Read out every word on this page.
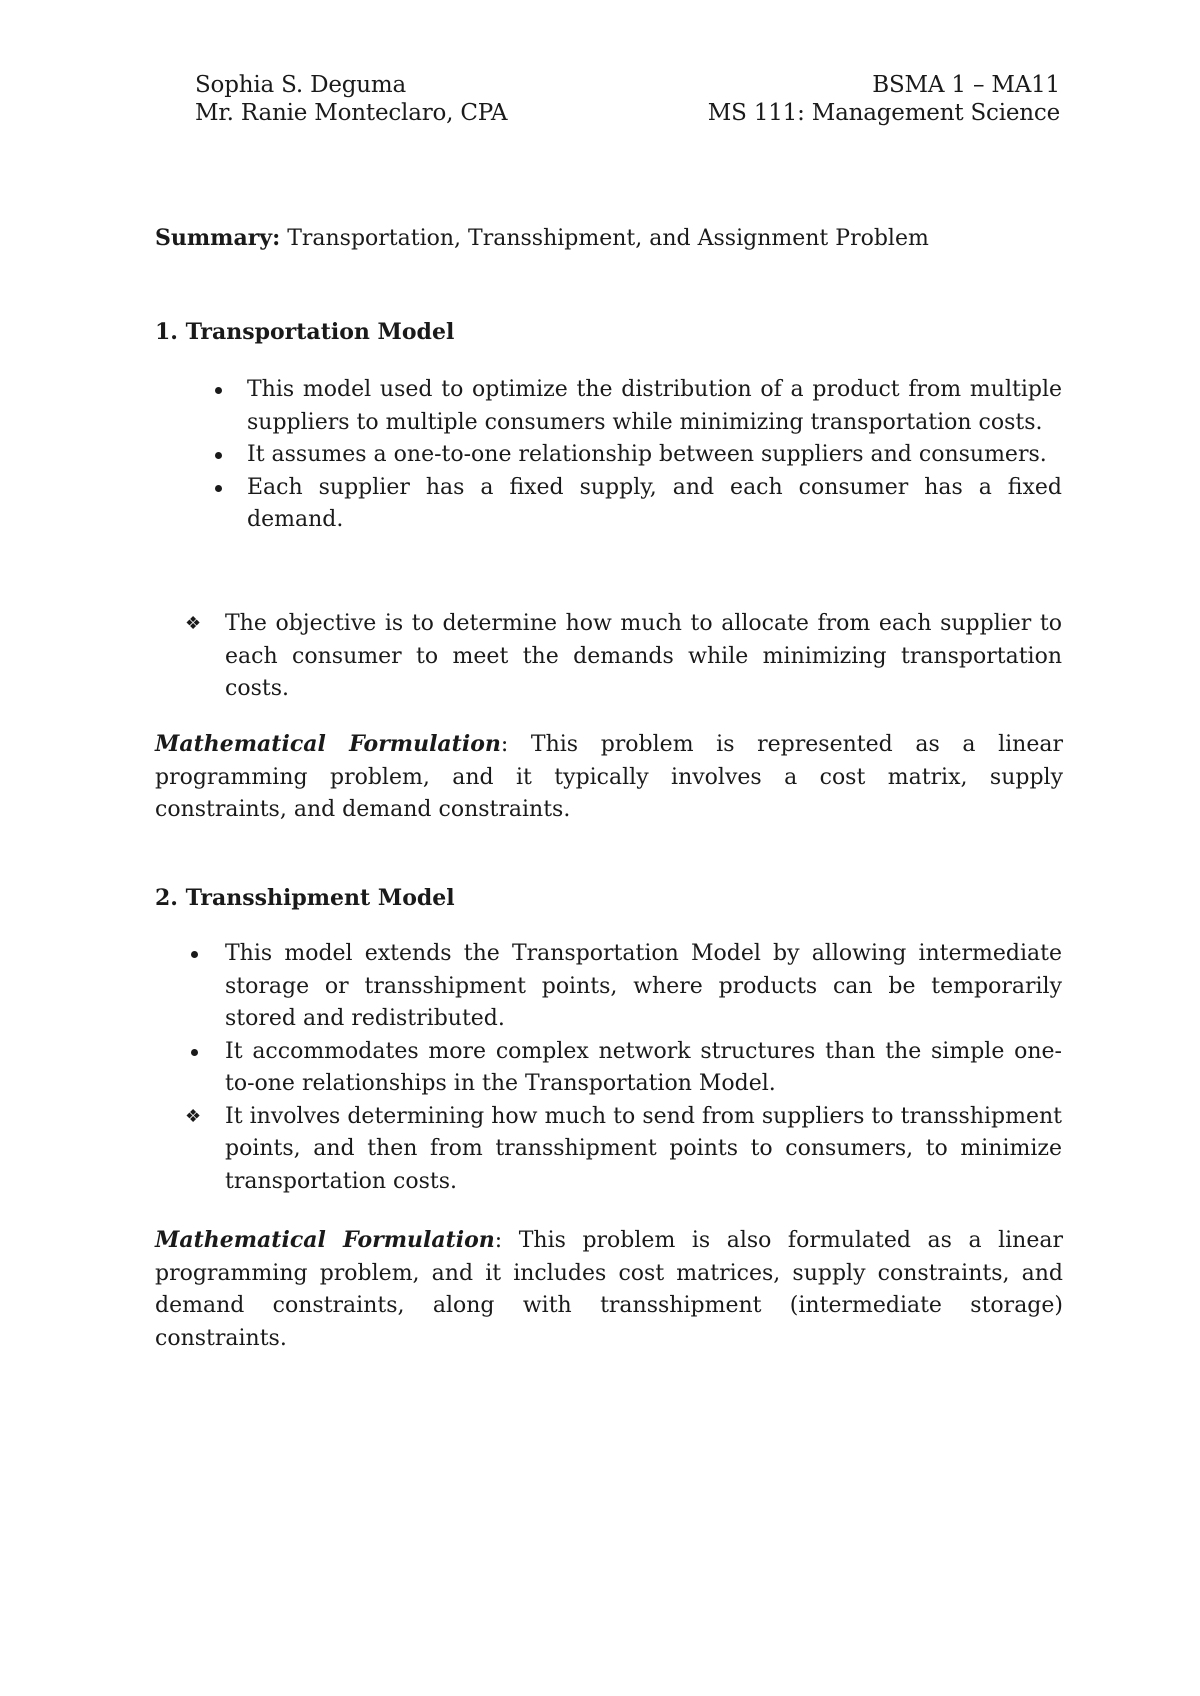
Sophia S. Deguma

Mr. Ranie Monteclaro, CPA

BSMA 1 – MA11

MS 111: Management Science

Summary: Transportation, Transshipment, and Assignment Problem

1. Transportation Model

This model used to optimize the distribution of a product from multiple suppliers to multiple consumers while minimizing transportation costs.
It assumes a one-to-one relationship between suppliers and consumers.
Each supplier has a fixed supply, and each consumer has a fixed demand.
❖ The objective is to determine how much to allocate from each supplier to each consumer to meet the demands while minimizing transportation costs.

Mathematical Formulation: This problem is represented as a linear programming problem, and it typically involves a cost matrix, supply constraints, and demand constraints.

2. Transshipment Model

This model extends the Transportation Model by allowing intermediate storage or transshipment points, where products can be temporarily stored and redistributed.
It accommodates more complex network structures than the simple one-to-one relationships in the Transportation Model.
❖ It involves determining how much to send from suppliers to transshipment points, and then from transshipment points to consumers, to minimize transportation costs.

Mathematical Formulation: This problem is also formulated as a linear programming problem, and it includes cost matrices, supply constraints, and demand constraints, along with transshipment (intermediate storage) constraints.
